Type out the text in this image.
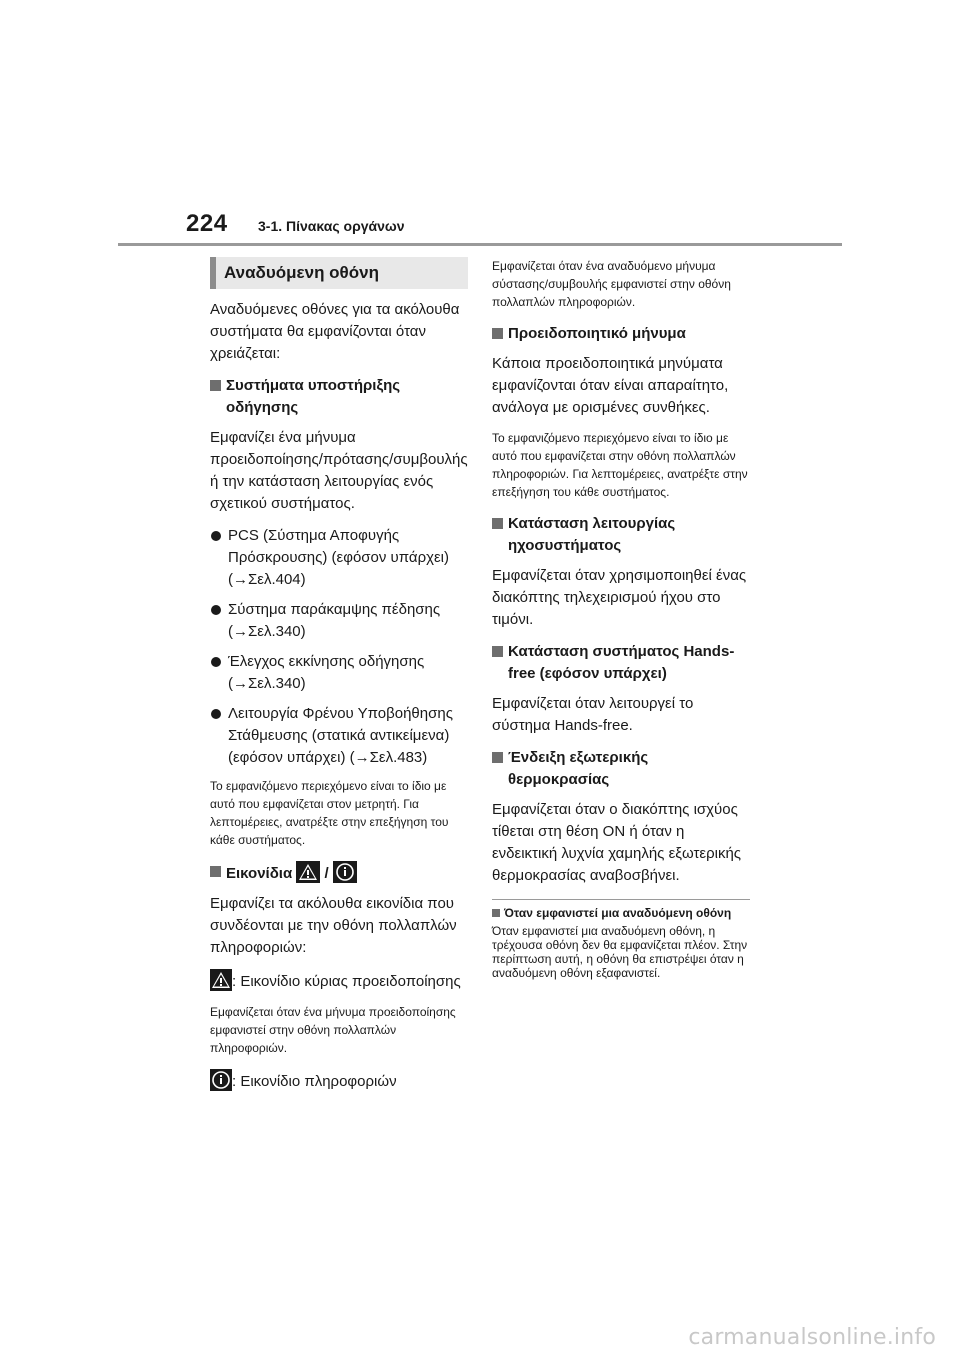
224 3-1. Πίνακας οργάνων
Αναδυόμενη οθόνη

Αναδυόμενες οθόνες για τα ακόλουθα συστήματα θα εμφανίζονται όταν χρειάζεται:

Συστήματα υποστήριξης οδήγησης

Εμφανίζει ένα μήνυμα προειδοποίησης/πρότασης/συμβουλής ή την κατάσταση λειτουργίας ενός σχετικού συστήματος.

PCS (Σύστημα Αποφυγής Πρόσκρουσης) (εφόσον υπάρχει) (→Σελ.404)
Σύστημα παράκαμψης πέδησης (→Σελ.340)
Έλεγχος εκκίνησης οδήγησης (→Σελ.340)
Λειτουργία Φρένου Υποβοήθησης Στάθμευσης (στατικά αντικείμενα) (εφόσον υπάρχει) (→Σελ.483)

Το εμφανιζόμενο περιεχόμενο είναι το ίδιο με αυτό που εμφανίζεται στον μετρητή. Για λεπτομέρειες, ανατρέξτε στην επεξήγηση του κάθε συστήματος.

Εικονίδια /

Εμφανίζει τα ακόλουθα εικονίδια που συνδέονται με την οθόνη πολλαπλών πληροφοριών:

: Εικονίδιο κύριας προειδοποίησης

Εμφανίζεται όταν ένα μήνυμα προειδοποίησης εμφανιστεί στην οθόνη πολλαπλών πληροφοριών.

: Εικονίδιο πληροφοριών

Εμφανίζεται όταν ένα αναδυόμενο μήνυμα σύστασης/συμβουλής εμφανιστεί στην οθόνη πολλαπλών πληροφοριών.

Προειδοποιητικό μήνυμα

Κάποια προειδοποιητικά μηνύματα εμφανίζονται όταν είναι απαραίτητο, ανάλογα με ορισμένες συνθήκες.

Το εμφανιζόμενο περιεχόμενο είναι το ίδιο με αυτό που εμφανίζεται στην οθόνη πολλαπλών πληροφοριών. Για λεπτομέρειες, ανατρέξτε στην επεξήγηση του κάθε συστήματος.

Κατάσταση λειτουργίας ηχοσυστήματος

Εμφανίζεται όταν χρησιμοποιηθεί ένας διακόπτης τηλεχειρισμού ήχου στο τιμόνι.

Κατάσταση συστήματος Hands-free (εφόσον υπάρχει)

Εμφανίζεται όταν λειτουργεί το σύστημα Hands-free.

Ένδειξη εξωτερικής θερμοκρασίας

Εμφανίζεται όταν ο διακόπτης ισχύος τίθεται στη θέση ON ή όταν η ενδεικτική λυχνία χαμηλής εξωτερικής θερμοκρασίας αναβοσβήνει.

Όταν εμφανιστεί μια αναδυόμενη οθόνη

Όταν εμφανιστεί μια αναδυόμενη οθόνη, η τρέχουσα οθόνη δεν θα εμφανίζεται πλέον. Στην περίπτωση αυτή, η οθόνη θα επιστρέψει όταν η αναδυόμενη οθόνη εξαφανιστεί.

carmanualsonline.info
